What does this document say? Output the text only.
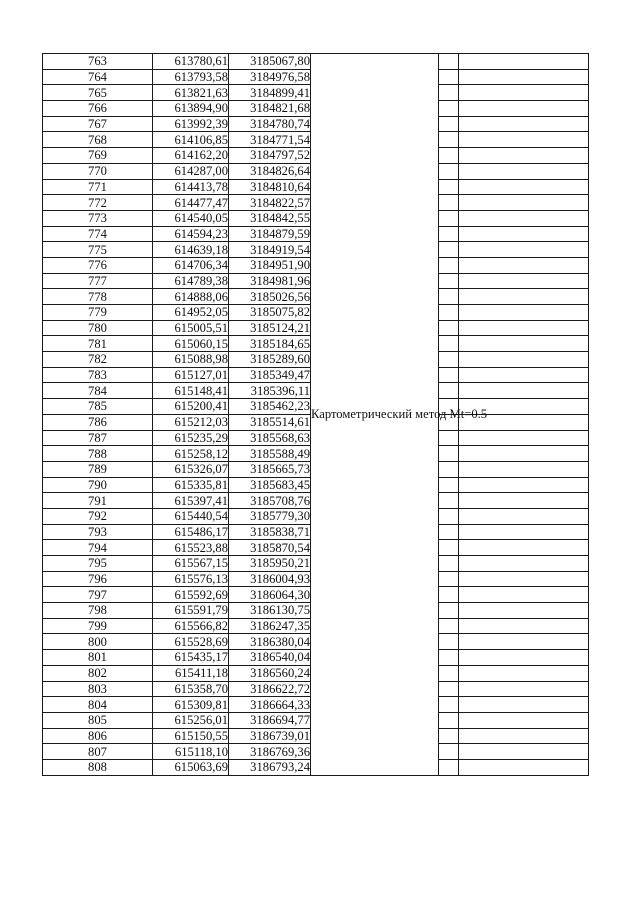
763	613780,61	3185067,80	Картометрический метод Mt=0.5		
764	613793,58	3184976,58			
765	613821,63	3184899,41			
766	613894,90	3184821,68			
767	613992,39	3184780,74			
768	614106,85	3184771,54			
769	614162,20	3184797,52			
770	614287,00	3184826,64			
771	614413,78	3184810,64			
772	614477,47	3184822,57			
773	614540,05	3184842,55			
774	614594,23	3184879,59			
775	614639,18	3184919,54			
776	614706,34	3184951,90			
777	614789,38	3184981,96			
778	614888,06	3185026,56			
779	614952,05	3185075,82			
780	615005,51	3185124,21			
781	615060,15	3185184,65			
782	615088,98	3185289,60			
783	615127,01	3185349,47			
784	615148,41	3185396,11			
785	615200,41	3185462,23			
786	615212,03	3185514,61			
787	615235,29	3185568,63			
788	615258,12	3185588,49			
789	615326,07	3185665,73			
790	615335,81	3185683,45			
791	615397,41	3185708,76			
792	615440,54	3185779,30			
793	615486,17	3185838,71			
794	615523,88	3185870,54			
795	615567,15	3185950,21			
796	615576,13	3186004,93			
797	615592,69	3186064,30			
798	615591,79	3186130,75			
799	615566,82	3186247,35			
800	615528,69	3186380,04			
801	615435,17	3186540,04			
802	615411,18	3186560,24			
803	615358,70	3186622,72			
804	615309,81	3186664,33			
805	615256,01	3186694,77			
806	615150,55	3186739,01			
807	615118,10	3186769,36			
808	615063,69	3186793,24			
